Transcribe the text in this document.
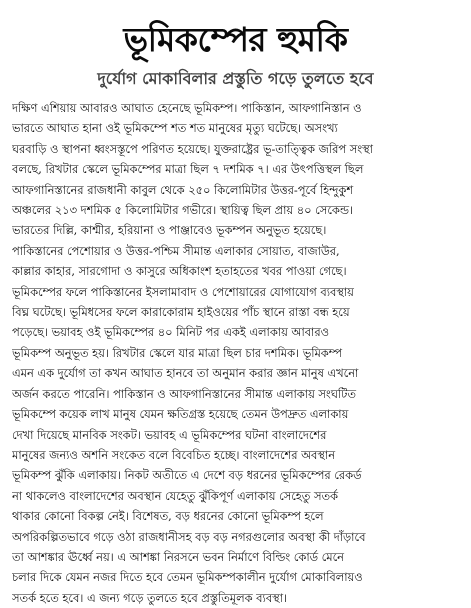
ভূমিকম্পের হুমকি
দুর্যোগ মোকাবিলার প্রস্তুতি গড়ে তুলতে হবে
দক্ষিণ এশিয়ায় আবারও আঘাত হেনেছে ভূমিকম্প। পাকিস্তান, আফগানিস্তান ও
ভারতে আঘাত হানা ওই ভূমিকম্পে শত শত মানুষের মৃত্যু ঘটেছে। অসংখ্য
ঘরবাড়ি ও স্থাপনা ধ্বংসস্তূপে পরিণত হয়েছে। যুক্তরাষ্ট্রের ভূ-তাত্ত্বিক জরিপ সংস্থা
বলছে, রিখটার স্কেলে ভূমিকম্পের মাত্রা ছিল ৭ দশমিক ৭। এর উৎপত্তিস্থল ছিল
আফগানিস্তানের রাজধানী কাবুল থেকে ২৫০ কিলোমিটার উত্তর-পূর্বে হিন্দুকুশ
অঞ্চলের ২১৩ দশমিক ৫ কিলোমিটার গভীরে। স্থায়িত্ব ছিল প্রায় ৪০ সেকেন্ড।
ভারতের দিল্লি, কাশ্মীর, হরিয়ানা ও পাঞ্জাবেও ভূকম্পন অনুভূত হয়েছে।
পাকিস্তানের পেশোয়ার ও উত্তর-পশ্চিম সীমান্ত এলাকার সোয়াত, বাজাউর,
কাল্লার কাহার, সারগোদা ও কাসুরে অধিকাংশ হতাহতের খবর পাওয়া গেছে।
ভূমিকম্পের ফলে পাকিস্তানের ইসলামাবাদ ও পেশোয়ারের যোগাযোগ ব্যবস্থায়
বিঘ্ন ঘটেছে। ভূমিধসের ফলে কারাকোরাম হাইওয়ের পাঁচ স্থানে রাস্তা বন্ধ হয়ে
পড়েছে। ভয়াবহ ওই ভূমিকম্পের ৪০ মিনিট পর একই এলাকায় আবারও
ভূমিকম্প অনুভূত হয়। রিখটার স্কেলে যার মাত্রা ছিল চার দশমিক। ভূমিকম্প
এমন এক দুর্যোগ তা কখন আঘাত হানবে তা অনুমান করার জ্ঞান মানুষ এখনো
অর্জন করতে পারেনি। পাকিস্তান ও আফগানিস্তানের সীমান্ত এলাকায় সংঘটিত
ভূমিকম্পে কয়েক লাখ মানুষ যেমন ক্ষতিগ্রস্ত হয়েছে তেমন উপদ্রুত এলাকায়
দেখা দিয়েছে মানবিক সংকট। ভয়াবহ এ ভূমিকম্পের ঘটনা বাংলাদেশের
মানুষের জন্যও অশনি সংকেত বলে বিবেচিত হচ্ছে। বাংলাদেশের অবস্থান
ভূমিকম্প ঝুঁকি এলাকায়। নিকট অতীতে এ দেশে বড় ধরনের ভূমিকম্পের রেকর্ড
না থাকলেও বাংলাদেশের অবস্থান যেহেতু ঝুঁকিপূর্ণ এলাকায় সেহেতু সতর্ক
থাকার কোনো বিকল্প নেই। বিশেষত, বড় ধরনের কোনো ভূমিকম্প হলে
অপরিকল্পিতভাবে গড়ে ওঠা রাজধানীসহ বড় বড় নগরগুলোর অবস্থা কী দাঁড়াবে
তা আশঙ্কার ঊর্ধ্বে নয়। এ আশঙ্কা নিরসনে ভবন নির্মাণে বিল্ডিং কোর্ড মেনে
চলার দিকে যেমন নজর দিতে হবে তেমন ভূমিকম্পকালীন দুর্যোগ মোকাবিলায়ও
সতর্ক হতে হবে। এ জন্য গড়ে তুলতে হবে প্রস্তুতিমূলক ব্যবস্থা।
